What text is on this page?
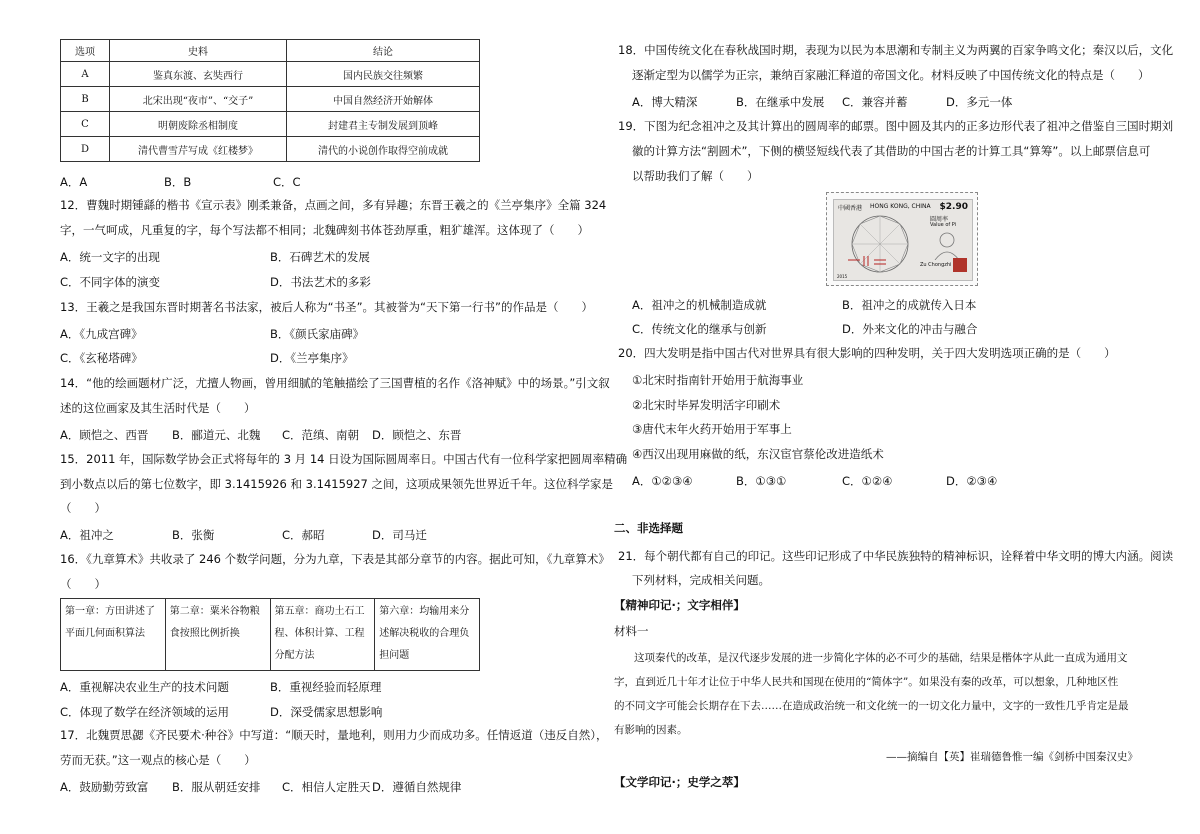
选项	史料	结论
A	鉴真东渡、玄奘西行	国内民族交往频繁
B	北宋出现“夜市”、“交子”	中国自然经济开始解体
C	明朝废除丞相制度	封建君主专制发展到顶峰
D	清代曹雪芹写成《红楼梦》	清代的小说创作取得空前成就
A．A	B．B	C．C
12．曹魏时期锺繇的楷书《宣示表》刚柔兼备，点画之间，多有异趣；东晋王羲之的《兰亭集序》全篇 324
字，一气呵成，凡重复的字，每个写法都不相同；北魏碑刻书体苍劲厚重，粗犷雄浑。这体现了（　　）
A．统一文字的出现	B．石碑艺术的发展
C．不同字体的演变	D．书法艺术的多彩
13．王羲之是我国东晋时期著名书法家，被后人称为“书圣”。其被誉为“天下第一行书”的作品是（　　）
A．《九成宫碑》	B．《颜氏家庙碑》
C．《玄秘塔碑》	D．《兰亭集序》
14．“他的绘画题材广泛，尤擅人物画，曾用细腻的笔触描绘了三国曹植的名作《洛神赋》中的场景。”引文叙
述的这位画家及其生活时代是（　　）
A．顾恺之、西晋 B．郦道元、北魏 C．范缜、南朝 D．顾恺之、东晋
15．2011 年，国际数学协会正式将每年的 3 月 14 日设为国际圆周率日。中国古代有一位科学家把圆周率精确
到小数点以后的第七位数字，即 3.1415926 和 3.1415927 之间，这项成果领先世界近千年。这位科学家是
（　　）
A．祖冲之	B．张衡	C．郝昭	D．司马迁
16．《九章算术》共收录了 246 个数学问题，分为九章，下表是其部分章节的内容。据此可知，《九章算术》
（　　）
第一章：方田讲述了平面几何面积算法	第二章：粟米谷物粮食按照比例折换	第五章：商功土石工程、体积计算、工程分配方法	第六章：均输用来分述解决税收的合理负担问题
A．重视解决农业生产的技术问题	B．重视经验而轻原理
C．体现了数学在经济领域的运用	D．深受儒家思想影响
17．北魏贾思勰《齐民要术·种谷》中写道：“顺天时，量地利，则用力少而成功多。任情返道（违反自然），
劳而无获。”这一观点的核心是（　　）
A．鼓励勤劳致富 B．服从朝廷安排 C．相信人定胜天 D．遵循自然规律
18．中国传统文化在春秋战国时期，表现为以民为本思潮和专制主义为两翼的百家争鸣文化；秦汉以后，文化
逐渐定型为以儒学为正宗，兼纳百家融汇释道的帝国文化。材料反映了中国传统文化的特点是（　　）
A．博大精深	B．在继承中发展 C．兼容并蓄	D．多元一体
19．下图为纪念祖冲之及其计算出的圆周率的邮票。图中圆及其内的正多边形代表了祖冲之借鉴自三国时期刘
徽的计算方法“割圆术”，下侧的横竖短线代表了其借助的中国古老的计算工具“算筹”。以上邮票信息可
以帮助我们了解（　　）
中國香港 HONG KONG, CHINA $2.90
圓周率
Value of Pi
Zu Chongzhi
2015
A．祖冲之的机械制造成就	B．祖冲之的成就传入日本
C．传统文化的继承与创新	D．外来文化的冲击与融合
20．四大发明是指中国古代对世界具有很大影响的四种发明，关于四大发明选项正确的是（　　）
①北宋时指南针开始用于航海事业
②北宋时毕昇发明活字印刷术
③唐代末年火药开始用于军事上
④西汉出现用麻做的纸，东汉宦官蔡伦改进造纸术
A．①②③④	B．①③①	C．①②④	D．②③④
二、非选择题
21．每个朝代都有自己的印记。这些印记形成了中华民族独特的精神标识，诠释着中华文明的博大内涵。阅读
下列材料，完成相关问题。
【精神印记·；文字相伴】
材料一
这项秦代的改革，是汉代逐步发展的进一步简化字体的必不可少的基础，结果是楷体字从此一直成为通用文
字，直到近几十年才让位于中华人民共和国现在使用的“简体字”。如果没有秦的改革，可以想象，几种地区性
的不同文字可能会长期存在下去……在造成政治统一和文化统一的一切文化力量中，文字的一致性几乎肯定是最
有影响的因素。
——摘编自【英】崔瑞德鲁惟一编《剑桥中国秦汉史》
【文学印记·；史学之萃】
